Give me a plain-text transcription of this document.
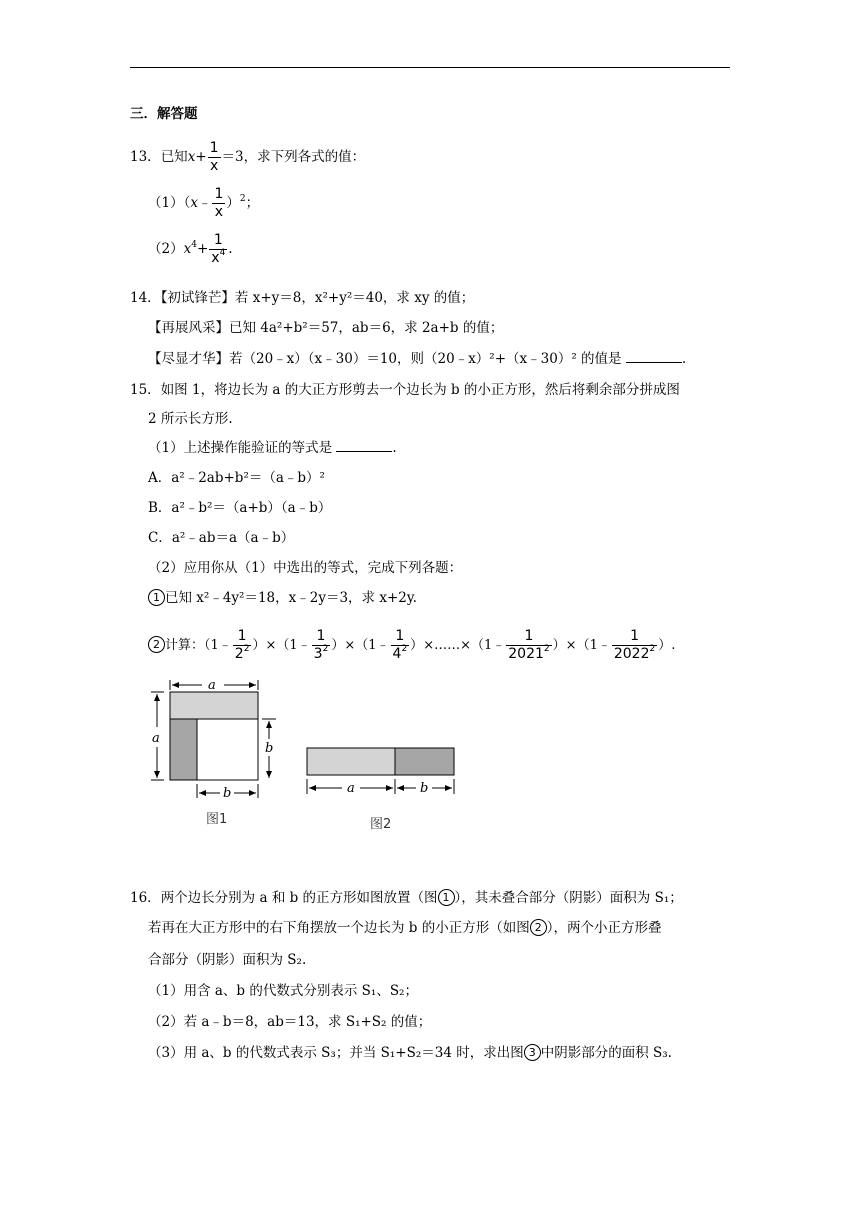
三．解答题
13．已知$x+ \frac{1}{x} =3$，求下列各式的值：
（1）（x﹣ $\frac{1}{x} )^2$；
$(2)x^4+ \frac{1}{x^4}$ .
14．【初试锋芒】若 x+y＝8，x²+y²＝40，求 xy 的值；
【再展风采】已知 4a²+b²＝57，ab＝6，求 2a+b 的值；
【尽显才华】若（20﹣x）（x﹣30）＝10，则（20﹣x）²+（x﹣30）² 的值是	.
15．如图 1，将边长为 a 的大正方形剪去一个边长为 b 的小正方形，然后将剩余部分拼成图
2 所示长方形.
（1）上述操作能验证的等式是	.
A．a²﹣2ab+b²＝（a﹣b）²
B．a²﹣b²＝（a+b）（a﹣b）
C．a²﹣ab＝a（a﹣b）
（2）应用你从（1）中选出的等式，完成下列各题：
1 已知 x²﹣4y²＝18，x﹣2y＝3，求 x+2y.
2 计算：（1﹣ $\frac{1}{2^2}$ ）×（1﹣ $\frac{1}{3^2}$ ）×（1﹣ $\frac{1}{4^2}$ ）×……×（1﹣ $\frac{1}{2021^2}$ ）×（1﹣ $\frac{1}{2022^2}$ ）.
a
a
b
b	a	b
图1	图2
16．两个边长分别为 a 和 b 的正方形如图放置（图 1 ），其未叠合部分（阴影）面积为 S₁；
若再在大正方形中的右下角摆放一个边长为 b 的小正方形（如图 2 ），两个小正方形叠
合部分（阴影）面积为 S₂.
（1）用含 a、b 的代数式分别表示 S₁、S₂；
（2）若 a﹣b＝8，ab＝13，求 S₁+S₂ 的值；
（3）用 a、b 的代数式表示 S₃；并当 S₁+S₂＝34 时，求出图 3 中阴影部分的面积 S₃.
